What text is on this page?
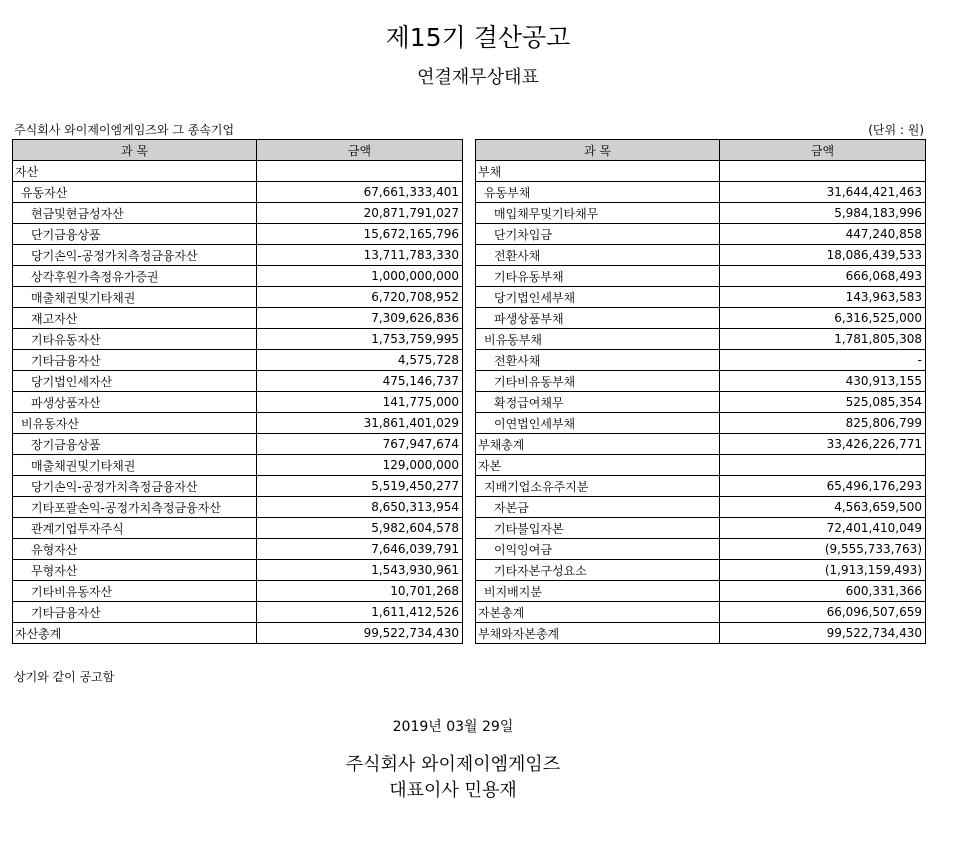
제15기 결산공고
연결재무상태표
주식회사 와이제이엠게임즈와 그 종속기업	(단위 : 원)
과 목	금액
자산	
유동자산	67,661,333,401
현금및현금성자산	20,871,791,027
단기금융상품	15,672,165,796
당기손익-공정가치측정금융자산	13,711,783,330
상각후원가측정유가증권	1,000,000,000
매출채권및기타채권	6,720,708,952
재고자산	7,309,626,836
기타유동자산	1,753,759,995
기타금융자산	4,575,728
당기법인세자산	475,146,737
파생상품자산	141,775,000
비유동자산	31,861,401,029
장기금융상품	767,947,674
매출채권및기타채권	129,000,000
당기손익-공정가치측정금융자산	5,519,450,277
기타포괄손익-공정가치측정금융자산	8,650,313,954
관계기업투자주식	5,982,604,578
유형자산	7,646,039,791
무형자산	1,543,930,961
기타비유동자산	10,701,268
기타금융자산	1,611,412,526
자산총계	99,522,734,430
과 목	금액
부채	
유동부채	31,644,421,463
매입채무및기타채무	5,984,183,996
단기차입금	447,240,858
전환사채	18,086,439,533
기타유동부채	666,068,493
당기법인세부채	143,963,583
파생상품부채	6,316,525,000
비유동부채	1,781,805,308
전환사채	-
기타비유동부채	430,913,155
확정급여채무	525,085,354
이연법인세부채	825,806,799
부채총계	33,426,226,771
자본	
지배기업소유주지분	65,496,176,293
자본금	4,563,659,500
기타불입자본	72,401,410,049
이익잉여금	(9,555,733,763)
기타자본구성요소	(1,913,159,493)
비지배지분	600,331,366
자본총계	66,096,507,659
부채와자본총계	99,522,734,430
상기와 같이 공고함
2019년 03월 29일
주식회사 와이제이엠게임즈
대표이사 민용재
